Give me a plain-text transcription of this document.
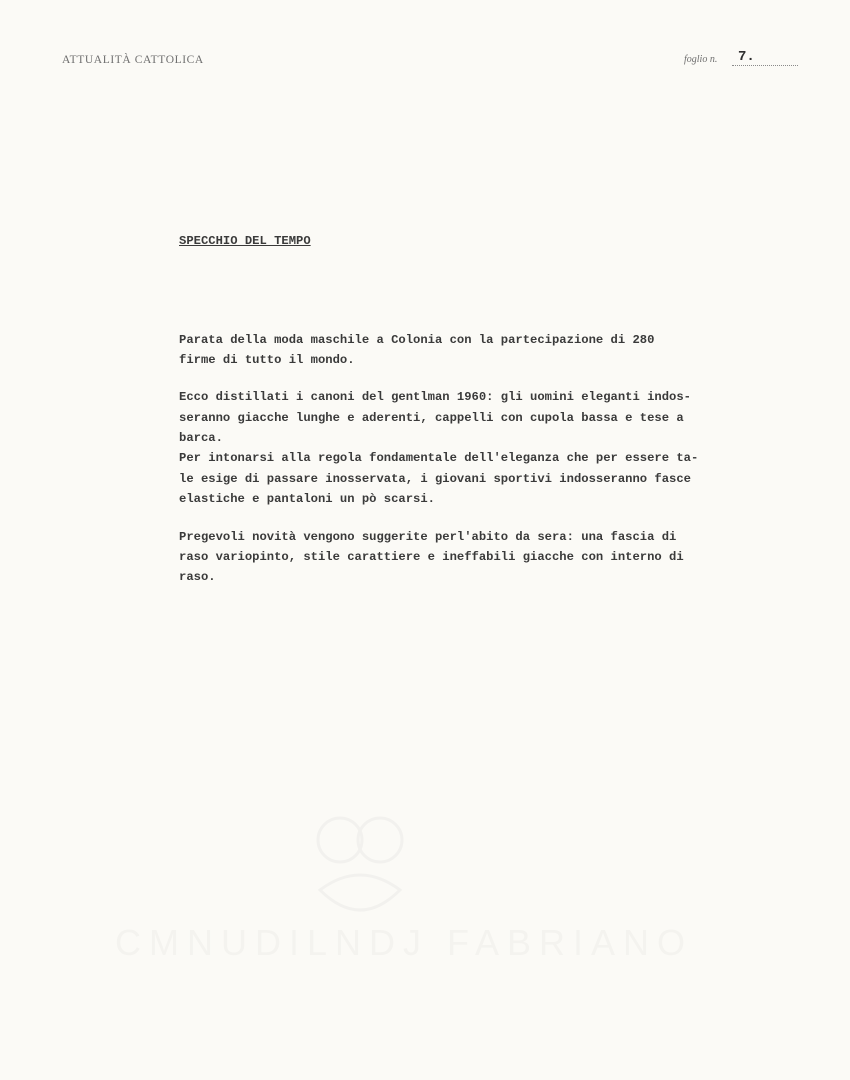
ATTUALITÀ CATTOLICA	foglio n. 7.
SPECCHIO DEL TEMPO
Parata della moda maschile a Colonia con la partecipazione di 280
firme di tutto il mondo.
Ecco distillati i canoni del gentlman 1960: gli uomini eleganti indos-
seranno giacche lunghe e aderenti, cappelli con cupola bassa e tese a
barca.
Per intonarsi alla regola fondamentale dell'eleganza che per essere ta-
le esige di passare inosservata, i giovani sportivi indosseranno fasce
elastiche e pantaloni un pò scarsi.
Pregevoli novità vengono suggerite perl'abito da sera: una fascia di
raso variopinto, stile carattiere e ineffabili giacche con interno di
raso.
CMNUDILNDJ FABRIANO
